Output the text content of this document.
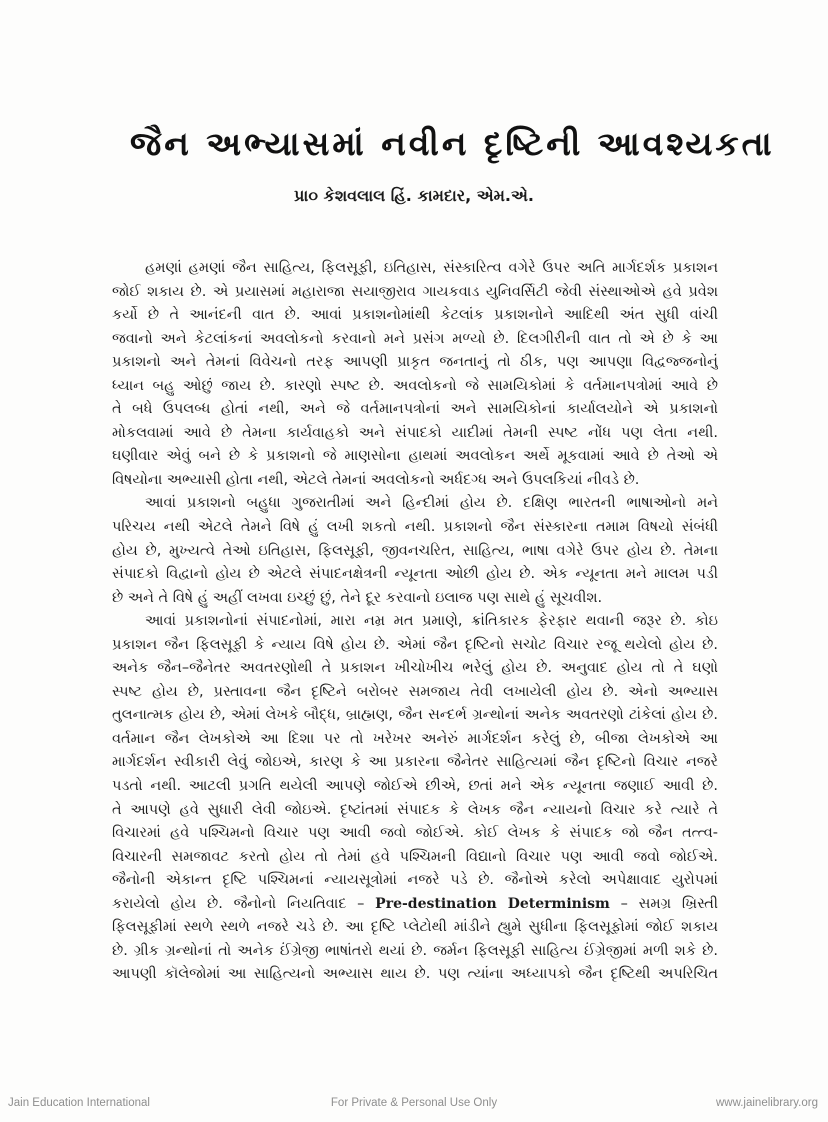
જૈન અભ્યાસમાં નવીન દૃષ્ટિની આવશ્યકતા
પ્રા૦ કેશવલાલ હિં. કામદાર, એમ.એ.
હમણાં હમણાં જૈન સાહિત્ય, ફિલસૂફી, ઇતિહાસ, સંસ્કારિત્વ વગેરે ઉપર અતિ માર્ગદર્શક પ્રકાશન
જોઈ શકાય છે. એ પ્રયાસમાં મહારાજા સયાજીરાવ ગાયકવાડ યુનિવર્સિટી જેવી સંસ્થાઓએ હવે પ્રવેશ
કર્યો છે તે આનંદની વાત છે. આવાં પ્રકાશનોમાંથી કેટલાંક પ્રકાશનોને આદિથી અંત સુધી વાંચી
જવાનો અને કેટલાંકનાં અવલોકનો કરવાનો મને પ્રસંગ મળ્યો છે. દિલગીરીની વાત તો એ છે કે આ
પ્રકાશનો અને તેમનાં વિવેચનો તરફ આપણી પ્રાકૃત જનતાનું તો ઠીક, પણ આપણા વિદ્વજ્જનોનું
ધ્યાન બહુ ઓછું જાય છે. કારણો સ્પષ્ટ છે. અવલોકનો જે સામયિકોમાં કે વર્તમાનપત્રોમાં આવે છે
તે બધે ઉપલબ્ધ હોતાં નથી, અને જે વર્તમાનપત્રોનાં અને સામયિકોનાં કાર્યાલયોને એ પ્રકાશનો
મોકલવામાં આવે છે તેમના કાર્યવાહકો અને સંપાદકો યાદીમાં તેમની સ્પષ્ટ નોંધ પણ લેતા નથી.
ઘણીવાર એવું બને છે કે પ્રકાશનો જે માણસોના હાથમાં અવલોકન અર્થે મૂકવામાં આવે છે તેઓ એ
વિષયોના અભ્યાસી હોતા નથી, એટલે તેમનાં અવલોકનો અર્ધદગ્ધ અને ઉપલકિયાં નીવડે છે.
આવાં પ્રકાશનો બહુધા ગુજરાતીમાં અને હિન્દીમાં હોય છે. દક્ષિણ ભારતની ભાષાઓનો મને
પરિચય નથી એટલે તેમને વિષે હું લખી શકતો નથી. પ્રકાશનો જૈન સંસ્કારના તમામ વિષયો સંબંધી
હોય છે, મુખ્યત્વે તેઓ ઇતિહાસ, ફિલસૂફી, જીવનચરિત, સાહિત્ય, ભાષા વગેરે ઉપર હોય છે. તેમના
સંપાદકો વિદ્વાનો હોય છે એટલે સંપાદનક્ષેત્રની ન્યૂનતા ઓછી હોય છે. એક ન્યૂનતા મને માલમ પડી
છે અને તે વિષે હું અહીં લખવા ઇચ્છું છું, તેને દૂર કરવાનો ઇલાજ પણ સાથે હું સૂચવીશ.
આવાં પ્રકાશનોનાં સંપાદનોમાં, મારા નમ્ર મત પ્રમાણે, ક્રાંતિકારક ફેરફાર થવાની જરૂર છે. કોઇ
પ્રકાશન જૈન ફિલસૂફી કે ન્યાય વિષે હોય છે. એમાં જૈન દૃષ્ટિનો સચોટ વિચાર રજૂ થયેલો હોય છે.
અનેક જૈન–જૈનેતર અવતરણોથી તે પ્રકાશન ખીચોખીચ ભરેલું હોય છે. અનુવાદ હોય તો તે ઘણો
સ્પષ્ટ હોય છે, પ્રસ્તાવના જૈન દૃષ્ટિને બરોબર સમજાય તેવી લખાયેલી હોય છે. એનો અભ્યાસ
તુલનાત્મક હોય છે, એમાં લેખકે બૌદ્ધ, બ્રાહ્મણ, જૈન સન્દર્ભ ગ્રન્થોનાં અનેક અવતરણો ટાંકેલાં હોય છે.
વર્તમાન જૈન લેખકોએ આ દિશા પર તો ખરેખર અનેરું માર્ગદર્શન કરેલું છે, બીજા લેખકોએ આ
માર્ગદર્શન સ્વીકારી લેવું જોઇએ, કારણ કે આ પ્રકારના જૈનેતર સાહિત્યમાં જૈન દૃષ્ટિનો વિચાર નજરે
પડતો નથી. આટલી પ્રગતિ થયેલી આપણે જોઈએ છીએ, છતાં મને એક ન્યૂનતા જણાઈ આવી છે.
તે આપણે હવે સુધારી લેવી જોઇએ. દૃષ્ટાંતમાં સંપાદક કે લેખક જૈન ન્યાયનો વિચાર કરે ત્યારે તે
વિચારમાં હવે પશ્ચિમનો વિચાર પણ આવી જવો જોઈએ. કોઈ લેખક કે સંપાદક જો જૈન તત્ત્વ-
વિચારની સમજાવટ કરતો હોય તો તેમાં હવે પશ્ચિમની વિદ્યાનો વિચાર પણ આવી જવો જોઈએ.
જૈનોની એકાન્ત દૃષ્ટિ પશ્ચિમનાં ન્યાયસૂત્રોમાં નજરે પડે છે. જૈનોએ કરેલો અપેક્ષાવાદ યુરોપમાં
કરાયેલો હોય છે. જૈનોનો નિયતિવાદ – Pre-destination Determinism – સમગ્ર ખ્રિસ્તી
ફિલસૂફીમાં સ્થળે સ્થળે નજરે ચડે છે. આ દૃષ્ટિ પ્લેટોથી માંડીને હ્યુમે સુધીના ફિલસૂફોમાં જોઈ શકાય
છે. ગ્રીક ગ્રન્થોનાં તો અનેક ઈંગ્રેજી ભાષાંતરો થયાં છે. જર્મન ફિલસૂફી સાહિત્ય ઈંગ્રેજીમાં મળી શકે છે.
આપણી કૉલેજોમાં આ સાહિત્યનો અભ્યાસ થાય છે. પણ ત્યાંના અધ્યાપકો જૈન દૃષ્ટિથી અપરિચિત
Jain Education International	For Private & Personal Use Only	www.jainelibrary.org
